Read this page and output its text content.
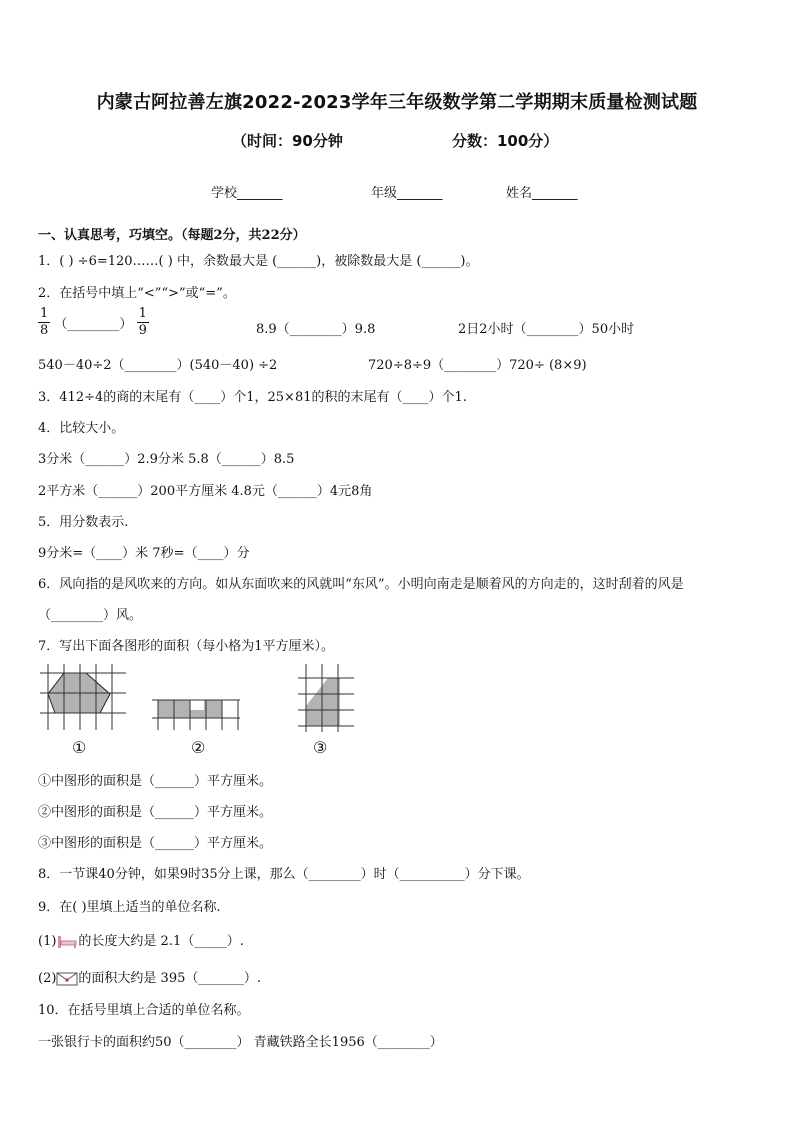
内蒙古阿拉善左旗2022-2023学年三年级数学第二学期期末质量检测试题
（时间：90分钟	分数：100分）
学校_______	年级_______	姓名_______
一、认真思考，巧填空。（每题2分，共22分）
1．( ) ÷6=120……( ) 中，余数最大是 (______)，被除数最大是 (______)。
2．在括号中填上“<”“>”或“=”。
$\frac{1}{8}$ （________） $\frac{1}{9}$	8.9（________）9.8	2日2小时（________）50小时
540－40÷2（________）(540－40) ÷2	720÷8÷9（________）720÷ (8×9)
3．412÷4的商的末尾有（____）个1，25×81的积的末尾有（____）个1.
4．比较大小。
3分米（______）2.9分米 5.8（______）8.5
2平方米（______）200平方厘米 4.8元（______）4元8角
5．用分数表示.
9分米=（____）米 7秒=（____）分
6．风向指的是风吹来的方向。如从东面吹来的风就叫“东风”。小明向南走是顺着风的方向走的，这时刮着的风是
（________）风。
7．写出下面各图形的面积（每小格为1平方厘米）。
①	②	③
①中图形的面积是（______）平方厘米。
②中图形的面积是（______）平方厘米。
③中图形的面积是（______）平方厘米。
8．一节课40分钟，如果9时35分上课，那么（________）时（__________）分下课。
9．在( )里填上适当的单位名称.
(1) 的长度大约是 2.1（_____）.
(2) 的面积大约是 395（_______）.
10．在括号里填上合适的单位名称。
一张银行卡的面积约50（________） 青藏铁路全长1956（________）
